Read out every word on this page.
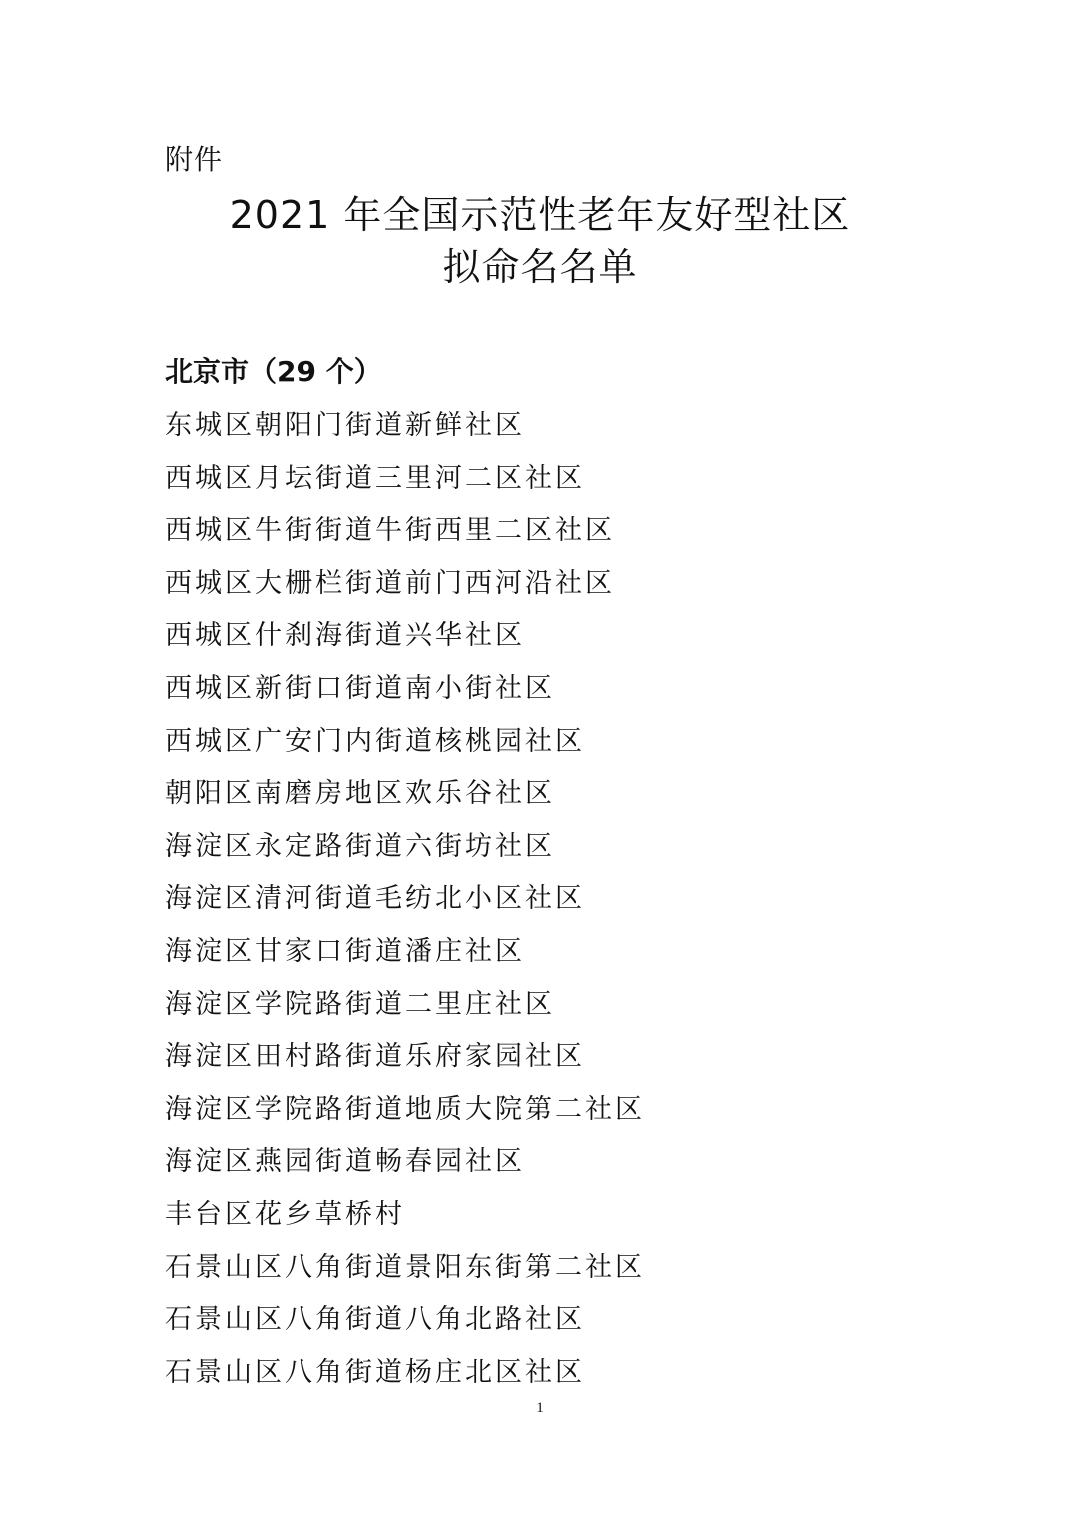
附件
2021 年全国示范性老年友好型社区
拟命名名单
北京市（29 个）
东城区朝阳门街道新鲜社区
西城区月坛街道三里河二区社区
西城区牛街街道牛街西里二区社区
西城区大栅栏街道前门西河沿社区
西城区什刹海街道兴华社区
西城区新街口街道南小街社区
西城区广安门内街道核桃园社区
朝阳区南磨房地区欢乐谷社区
海淀区永定路街道六街坊社区
海淀区清河街道毛纺北小区社区
海淀区甘家口街道潘庄社区
海淀区学院路街道二里庄社区
海淀区田村路街道乐府家园社区
海淀区学院路街道地质大院第二社区
海淀区燕园街道畅春园社区
丰台区花乡草桥村
石景山区八角街道景阳东街第二社区
石景山区八角街道八角北路社区
石景山区八角街道杨庄北区社区
1
